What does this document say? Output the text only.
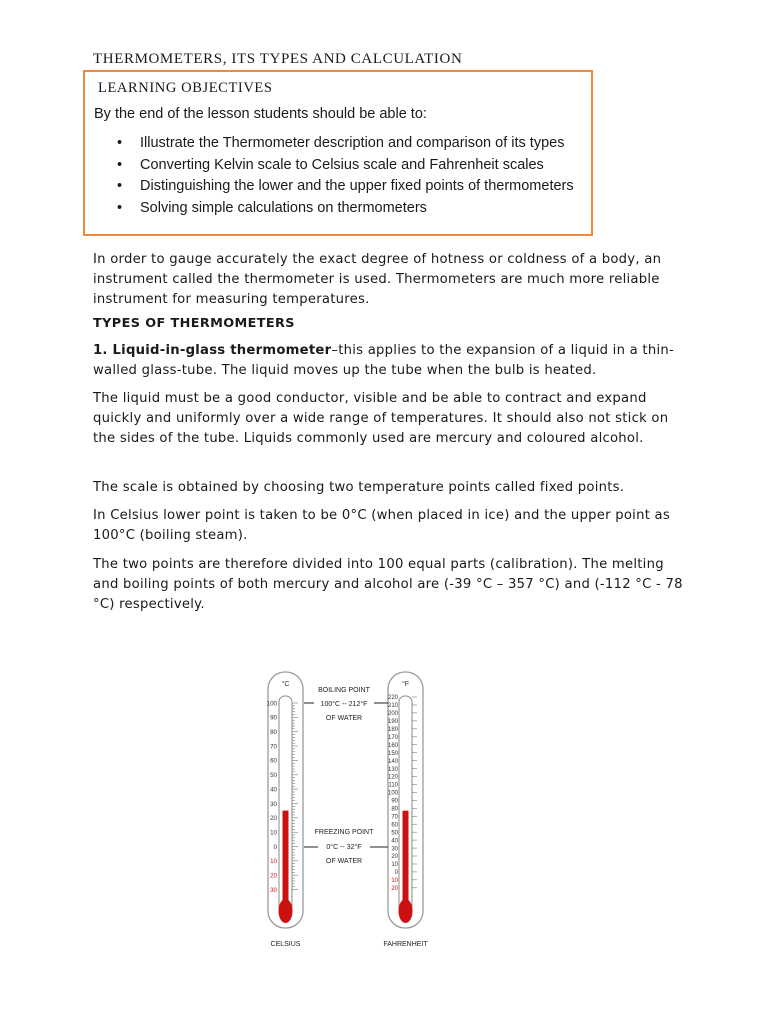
THERMOMETERS, ITS TYPES AND CALCULATION
LEARNING OBJECTIVES

By the end of the lesson students should be able to:

• Illustrate the Thermometer description and comparison of its types
• Converting Kelvin scale to Celsius scale and Fahrenheit scales
• Distinguishing the lower and the upper fixed points of thermometers
• Solving simple calculations on thermometers

In order to gauge accurately the exact degree of hotness or coldness of a body, an instrument called the thermometer is used. Thermometers are much more reliable instrument for measuring temperatures.

TYPES OF THERMOMETERS

1. Liquid-in-glass thermometer–this applies to the expansion of a liquid in a thin-walled glass-tube. The liquid moves up the tube when the bulb is heated.

The liquid must be a good conductor, visible and be able to contract and expand quickly and uniformly over a wide range of temperatures. It should also not stick on the sides of the tube. Liquids commonly used are mercury and coloured alcohol.

The scale is obtained by choosing two temperature points called fixed points.

In Celsius lower point is taken to be 0°C (when placed in ice) and the upper point as 100°C (boiling steam).

The two points are therefore divided into 100 equal parts (calibration). The melting and boiling points of both mercury and alcohol are (-39 °C – 357 °C) and (-112 °C - 78 °C) respectively.

°C	°F
100
90
80
70
60
50
40
30
20
10
0
10
20
30
220
210
200
190
180
170
160
150
140
130
120
110
100
90
80
70
60
50
40
30
20
10
0
10
20
BOILING POINT
100°C -- 212°F
OF WATER
FREEZING POINT
0°C -- 32°F
OF WATER
CELSIUS	FAHRENHEIT
